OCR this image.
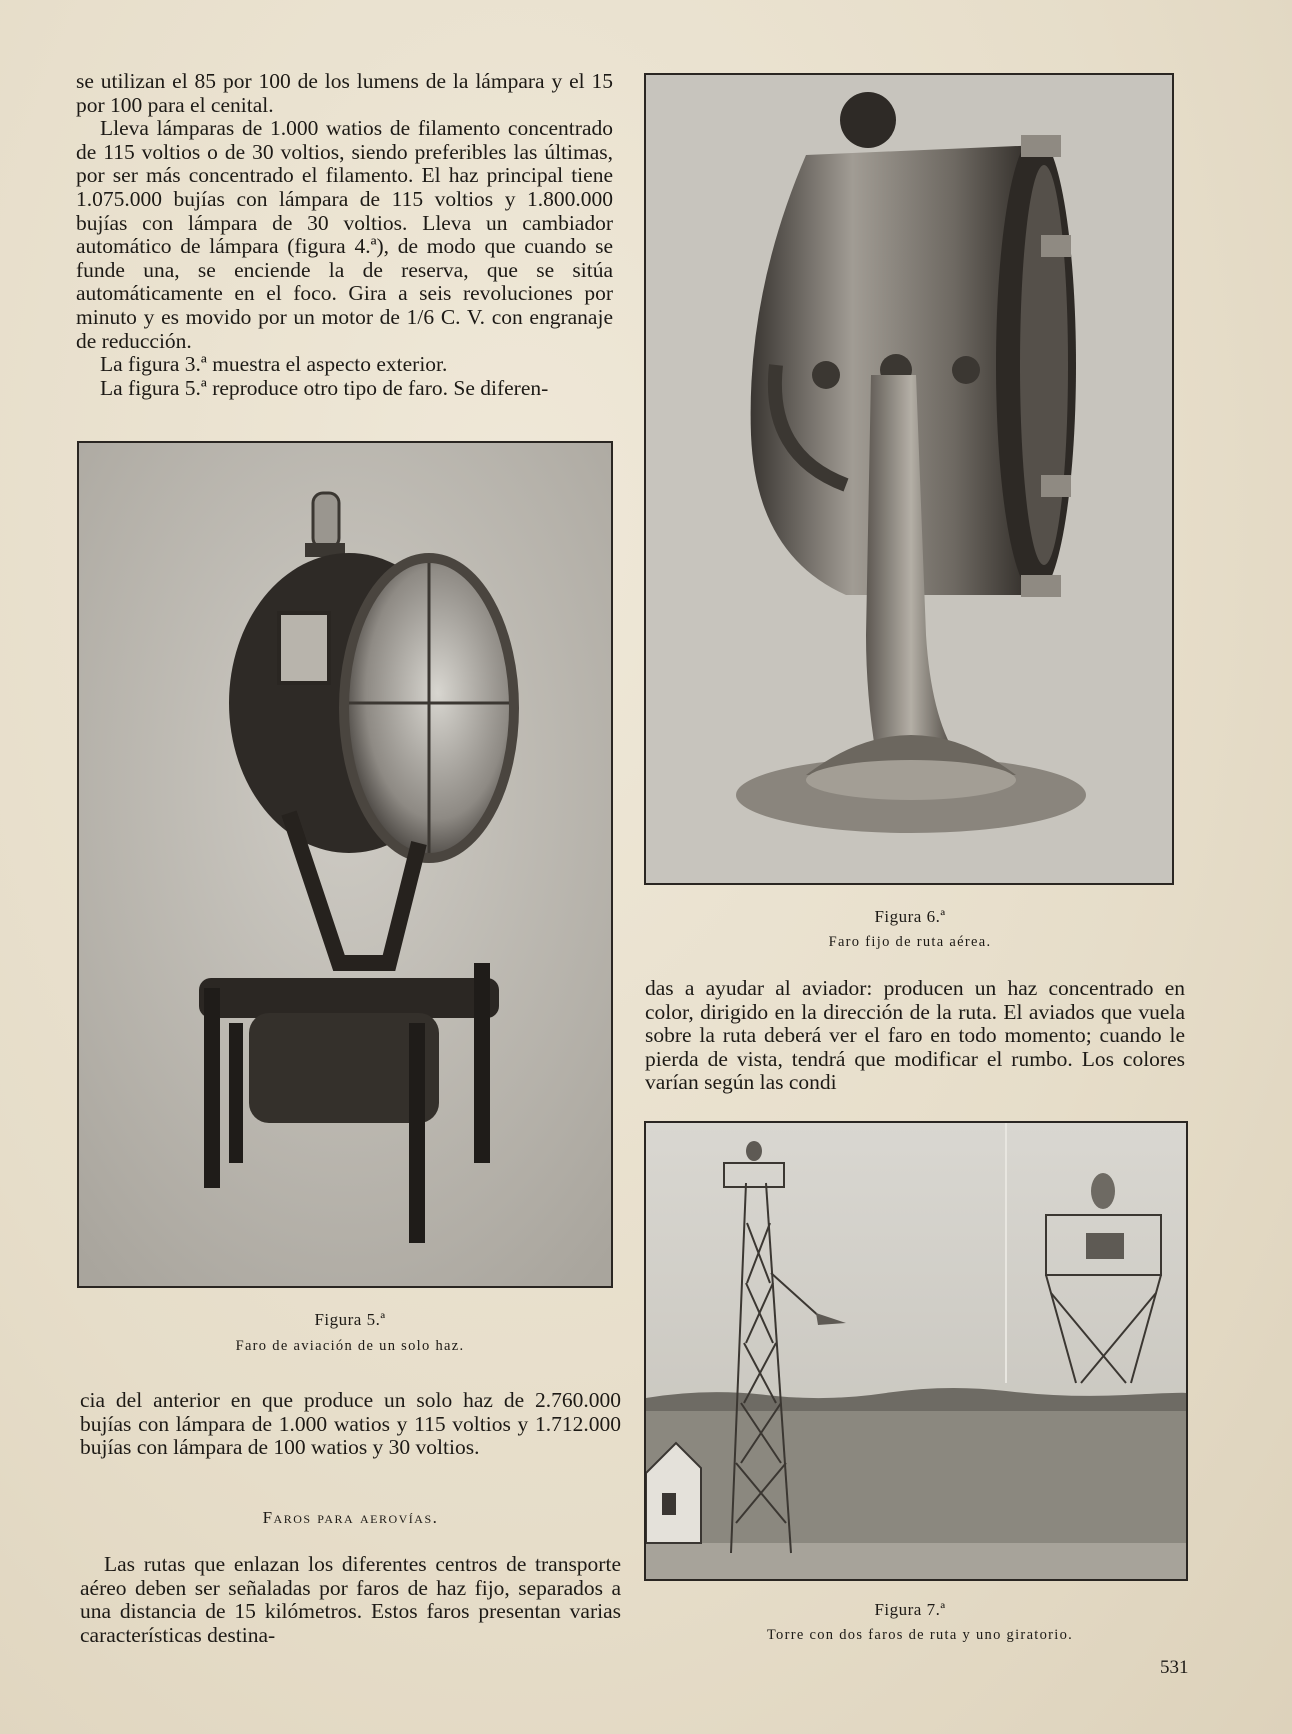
se utilizan el 85 por 100 de los lumens de la lámpara y el 15 por 100 para el cenital.

Lleva lámparas de 1.000 watios de filamento concentrado de 115 voltios o de 30 voltios, siendo preferibles las últimas, por ser más concentrado el filamento. El haz principal tiene 1.075.000 bujías con lámpara de 115 voltios y 1.800.000 bujías con lámpara de 30 voltios. Lleva un cambiador automático de lámpara (figura 4.ª), de modo que cuando se funde una, se enciende la de reserva, que se sitúa automáticamente en el foco. Gira a seis revoluciones por minuto y es movido por un motor de 1/6 C. V. con engranaje de reducción.

La figura 3.ª muestra el aspecto exterior.

La figura 5.ª reproduce otro tipo de faro. Se diferen-

Figura 5.ª
Faro de aviación de un solo haz.

cia del anterior en que produce un solo haz de 2.760.000 bujías con lámpara de 1.000 watios y 115 voltios y 1.712.000 bujías con lámpara de 100 watios y 30 voltios.

Faros para aerovías.

Las rutas que enlazan los diferentes centros de transporte aéreo deben ser señaladas por faros de haz fijo, separados a una distancia de 15 kilómetros. Estos faros presentan varias características destina-

Figura 6.ª
Faro fijo de ruta aérea.

das a ayudar al aviador: producen un haz concentrado en color, dirigido en la dirección de la ruta. El aviados que vuela sobre la ruta deberá ver el faro en todo momento; cuando le pierda de vista, tendrá que modificar el rumbo. Los colores varían según las condi

Figura 7.ª
Torre con dos faros de ruta y uno giratorio.
531
